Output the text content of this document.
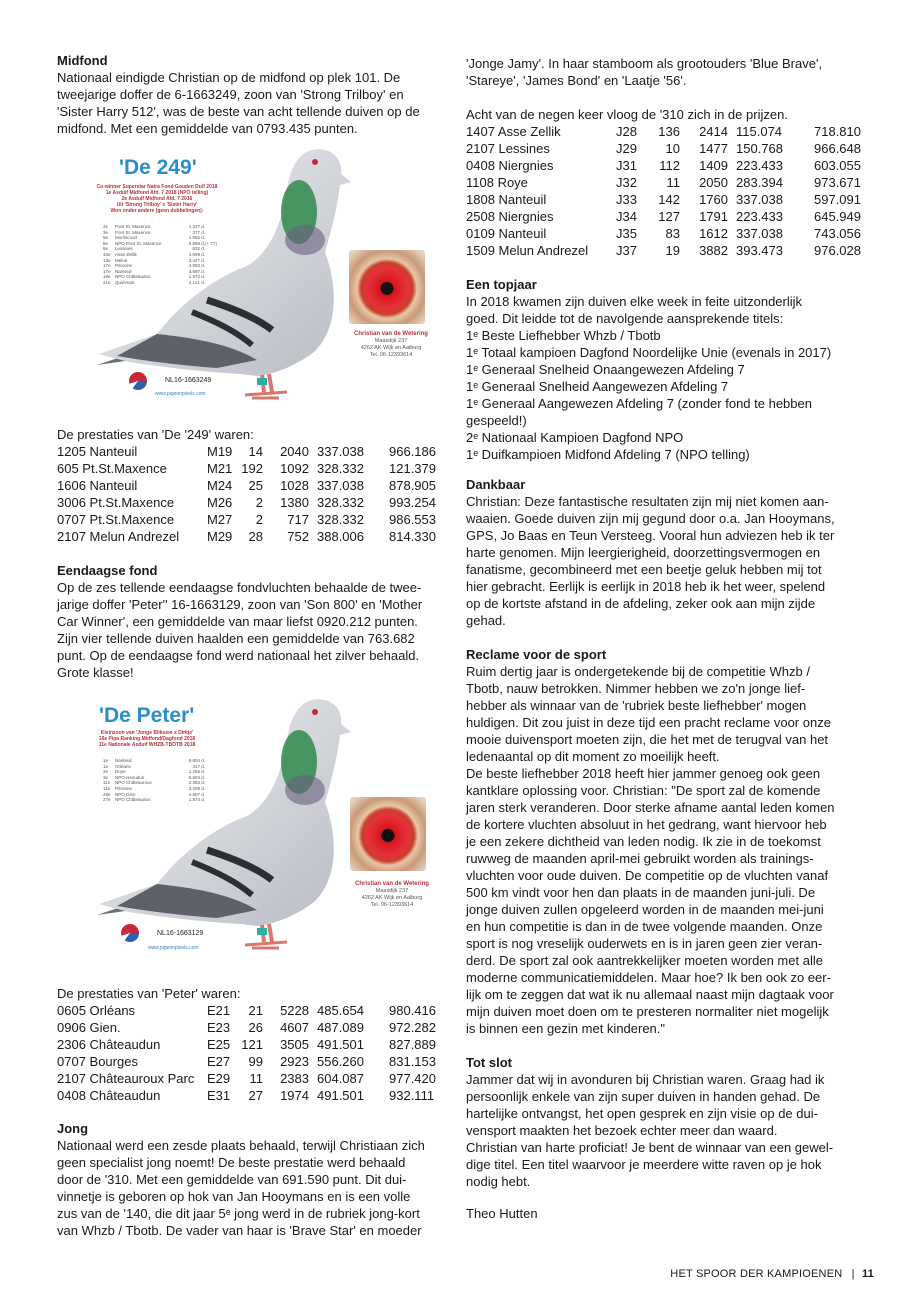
Midfond

Nationaal eindigde Christian op de midfond op plek 101. De
tweejarige doffer de 6-1663249, zoon van 'Strong Trilboy' en
'Sister Harry 512', was de beste van acht tellende duiven op de
midfond. Met een gemiddelde van 0793.435 punten.

'De 249'
Co-winner Superstar Natra Fond Gouden Duif 2018
1e Asduif Midfond Afd. 7 2018 (NPO telling)
2e Asduif Midfond Afd. 7 2016
Uit 'Strong Trilboy' x 'Sister Harry'
Won onder andere (geen dubbelingen):
2e	Pont St. Maxence	1.237 d.
3e	Pont St. Maxence	377 d.
5e	Morlincourt	1.556 d.
8e	NPO Pont St. Maxence	5.698 d. (+ 77)
8e	Lessines	832 d.
10e Asse Zellik	1.099 d.
13e Melun	3.447 d.
17e Péronne	4.093 d.
17e Nanteuil	3.697 d.
18e NPO Châteaudun	1.974 d.
21e Quiévrain	4.121 d.
Christian van de Wetering
Maasdijk 237
4262 AK Wijk en Aalburg
Tel. 06-12393614
NL16-1663249
www.pigeonpixels.com

De prestaties van 'De '249' waren:

1205 Nanteuil	M19	14	2040 337.038	966.186
605 Pt.St.Maxence	M21 192	1092 328.332	121.379
1606 Nanteuil	M24	25	1028 337.038	878.905
3006 Pt.St.Maxence	M26	2	1380 328.332	993.254
0707 Pt.St.Maxence	M27	2	717 328.332	986.553
2107 Melun Andrezel	M29	28	752 388.006	814.330
Eendaagse fond

Op de zes tellende eendaagse fondvluchten behaalde de twee-
jarige doffer 'Peter'' 16-1663129, zoon van 'Son 800' en 'Mother
Car Winner', een gemiddelde van maar liefst 0920.212 punten.
Zijn vier tellende duiven haalden een gemiddelde van 763.682
punt. Op de eendaagse fond werd nationaal het zilver behaald.
Grote klasse!

'De Peter'
Kleinzoon van 'Jonge Bliksem x Dirkje'
16e Pipa Ranking Midfond/Dagfond 2018
11e Nationale Asduif WHZB-TBOTB 2018
1e	Nanteuil	5.604 d.
1e	Orléans	417 d.
2e	Roye	1.255 d.
3e	NPO Issoudun	6.604 d.
11e	NPO Châteauroux	2.383 d.
11e	Péronne	3.209 d.
28e NPO Gien	4.607 d.
27e NPO Châteaudun	1.974 d.
Christian van de Wetering
Maasdijk 237
4262 AK Wijk en Aalburg
Tel. 06-12393614
NL16-1663129
www.pigeonpixels.com

De prestaties van 'Peter' waren:

0605 Orléans	E21	21	5228 485.654	980.416
0906 Gien.	E23	26	4607 487.089	972.282
2306 Châteaudun	E25 121	3505 491.501	827.889
0707 Bourges	E27	99	2923 556.260	831.153
2107 Châteauroux Parc E29	11	2383 604.087	977.420
0408 Châteaudun	E31	27	1974 491.501	932.111
Jong

Nationaal werd een zesde plaats behaald, terwijl Christiaan zich
geen specialist jong noemt! De beste prestatie werd behaald
door de '310. Met een gemiddelde van 691.590 punt. Dit dui-
vinnetje is geboren op hok van Jan Hooymans en is een volle
zus van de '140, die dit jaar 5ᵉ jong werd in de rubriek jong-kort
van Whzb / Tbotb. De vader van haar is 'Brave Star' en moeder

'Jonge Jamy'. In haar stamboom als grootouders 'Blue Brave',
'Stareye', 'James Bond' en 'Laatje '56'.

Acht van de negen keer vloog de '310 zich in de prijzen.

1407 Asse Zellik	J28	136	2414 115.074	718.810
2107 Lessines	J29	10	1477 150.768	966.648
0408 Niergnies	J31	112	1409 223.433	603.055
1108 Roye	J32	11	2050 283.394	973.671
1808 Nanteuil	J33	142	1760 337.038	597.091
2508 Niergnies	J34	127	1791 223.433	645.949
0109 Nanteuil	J35	83	1612 337.038	743.056
1509 Melun Andrezel	J37	19	3882 393.473	976.028
Een topjaar

In 2018 kwamen zijn duiven elke week in feite uitzonderlijk
goed. Dit leidde tot de navolgende aansprekende titels:
1ᵉ Beste Liefhebber Whzb / Tbotb
1ᵉ Totaal kampioen Dagfond Noordelijke Unie (evenals in 2017)
1ᵉ Generaal Snelheid Onaangewezen Afdeling 7
1ᵉ Generaal Snelheid Aangewezen Afdeling 7
1ᵉ Generaal Aangewezen Afdeling 7 (zonder fond te hebben
gespeeld!)
2ᵉ Nationaal Kampioen Dagfond NPO
1ᵉ Duifkampioen Midfond Afdeling 7 (NPO telling)

Dankbaar

Christian: Deze fantastische resultaten zijn mij niet komen aan-
waaien. Goede duiven zijn mij gegund door o.a. Jan Hooymans,
GPS, Jo Baas en Teun Versteeg. Vooral hun adviezen heb ik ter
harte genomen. Mijn leergierigheid, doorzettingsvermogen en
fanatisme, gecombineerd met een beetje geluk hebben mij tot
hier gebracht. Eerlijk is eerlijk in 2018 heb ik het weer, spelend
op de kortste afstand in de afdeling, zeker ook aan mijn zijde
gehad.

Reclame voor de sport

Ruim dertig jaar is ondergetekende bij de competitie Whzb /
Tbotb, nauw betrokken. Nimmer hebben we zo'n jonge lief-
hebber als winnaar van de 'rubriek beste liefhebber' mogen
huldigen. Dit zou juist in deze tijd een pracht reclame voor onze
mooie duivensport moeten zijn, die het met de terugval van het
ledenaantal op dit moment zo moeilijk heeft.
De beste liefhebber 2018 heeft hier jammer genoeg ook geen
kantklare oplossing voor. Christian: "De sport zal de komende
jaren sterk veranderen. Door sterke afname aantal leden komen
de kortere vluchten absoluut in het gedrang, want hiervoor heb
je een zekere dichtheid van leden nodig. Ik zie in de toekomst
ruwweg de maanden april-mei gebruikt worden als trainings-
vluchten voor oude duiven. De competitie op de vluchten vanaf
500 km vindt voor hen dan plaats in de maanden juni-juli. De
jonge duiven zullen opgeleerd worden in de maanden mei-juni
en hun competitie is dan in de twee volgende maanden. Onze
sport is nog vreselijk ouderwets en is in jaren geen zier veran-
derd. De sport zal ook aantrekkelijker moeten worden met alle
moderne communicatiemiddelen. Maar hoe? Ik ben ook zo eer-
lijk om te zeggen dat wat ik nu allemaal naast mijn dagtaak voor
mijn duiven moet doen om te presteren normaliter niet mogelijk
is binnen een gezin met kinderen."

Tot slot

Jammer dat wij in avonduren bij Christian waren. Graag had ik
persoonlijk enkele van zijn super duiven in handen gehad. De
hartelijke ontvangst, het open gesprek en zijn visie op de dui-
vensport maakten het bezoek echter meer dan waard.
Christian van harte proficiat! Je bent de winnaar van een gewel-
dige titel. Een titel waarvoor je meerdere witte raven op je hok
nodig hebt.

Theo Hutten
HET SPOOR DER KAMPIOENEN | 11
